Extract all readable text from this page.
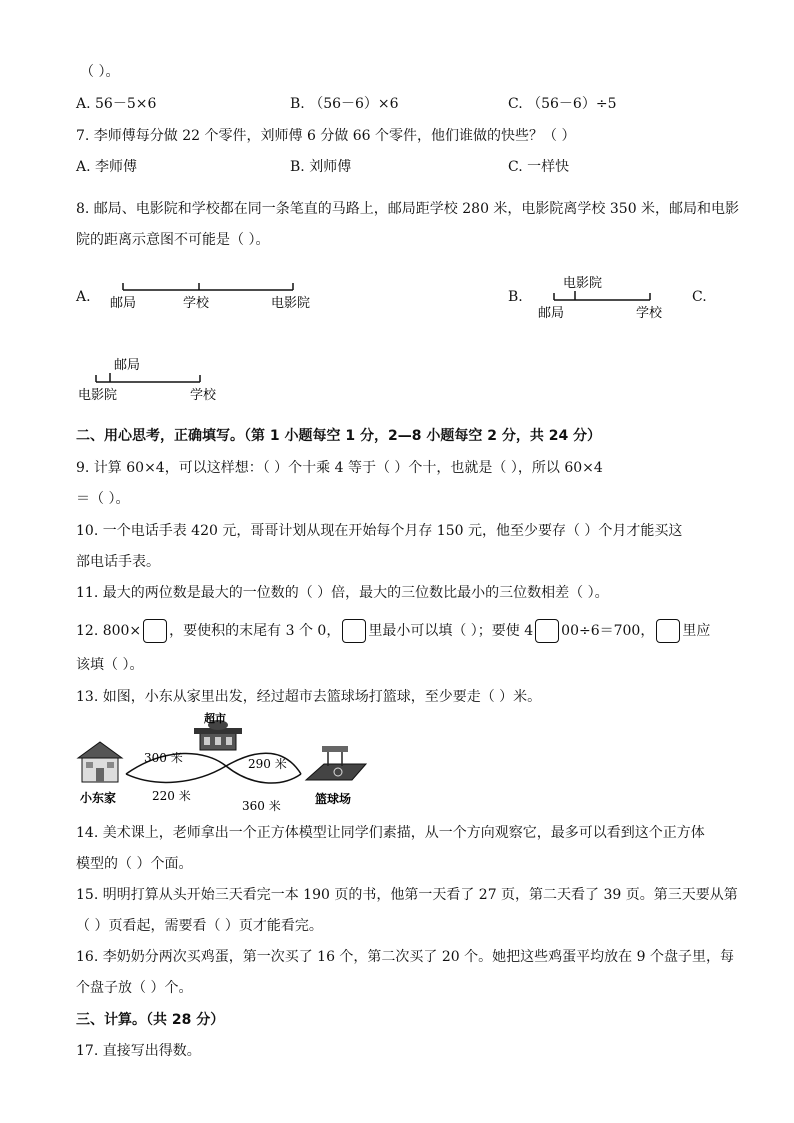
（ ）。
A. 56－5×6	B. （56－6）×6	C. （56－6）÷5
7. 李师傅每分做 22 个零件，刘师傅 6 分做 66 个零件，他们谁做的快些？（ ）
A. 李师傅	B. 刘师傅	C. 一样快
8. 邮局、电影院和学校都在同一条笔直的马路上，邮局距学校 280 米，电影院离学校 350 米，邮局和电影
院的距离示意图不可能是（ ）。
A. 邮局	学校	电影院	B.
电影院
邮局	学校
C.
邮局
电影院	学校
二、用心思考，正确填写。（第 1 小题每空 1 分，2—8 小题每空 2 分，共 24 分）
9. 计算 60×4，可以这样想：（ ）个十乘 4 等于（ ）个十，也就是（ ），所以 60×4
＝（ ）。
10. 一个电话手表 420 元，哥哥计划从现在开始每个月存 150 元，他至少要存（ ）个月才能买这
部电话手表。
11. 最大的两位数是最大的一位数的（ ）倍，最大的三位数比最小的三位数相差（ ）。
12. 800× ，要使积的末尾有 3 个 0， 里最小可以填（ ）；要使 4 00÷6＝700， 里应
该填（ ）。
13. 如图，小东从家里出发，经过超市去篮球场打篮球，至少要走（ ）米。
小东家
超市
篮球场
300 米
220 米
290 米
360 米
14. 美术课上，老师拿出一个正方体模型让同学们素描，从一个方向观察它，最多可以看到这个正方体
模型的（ ）个面。
15. 明明打算从头开始三天看完一本 190 页的书，他第一天看了 27 页，第二天看了 39 页。第三天要从第
（ ）页看起，需要看（ ）页才能看完。
16. 李奶奶分两次买鸡蛋，第一次买了 16 个，第二次买了 20 个。她把这些鸡蛋平均放在 9 个盘子里，每
个盘子放（ ）个。
三、计算。（共 28 分）
17. 直接写出得数。
